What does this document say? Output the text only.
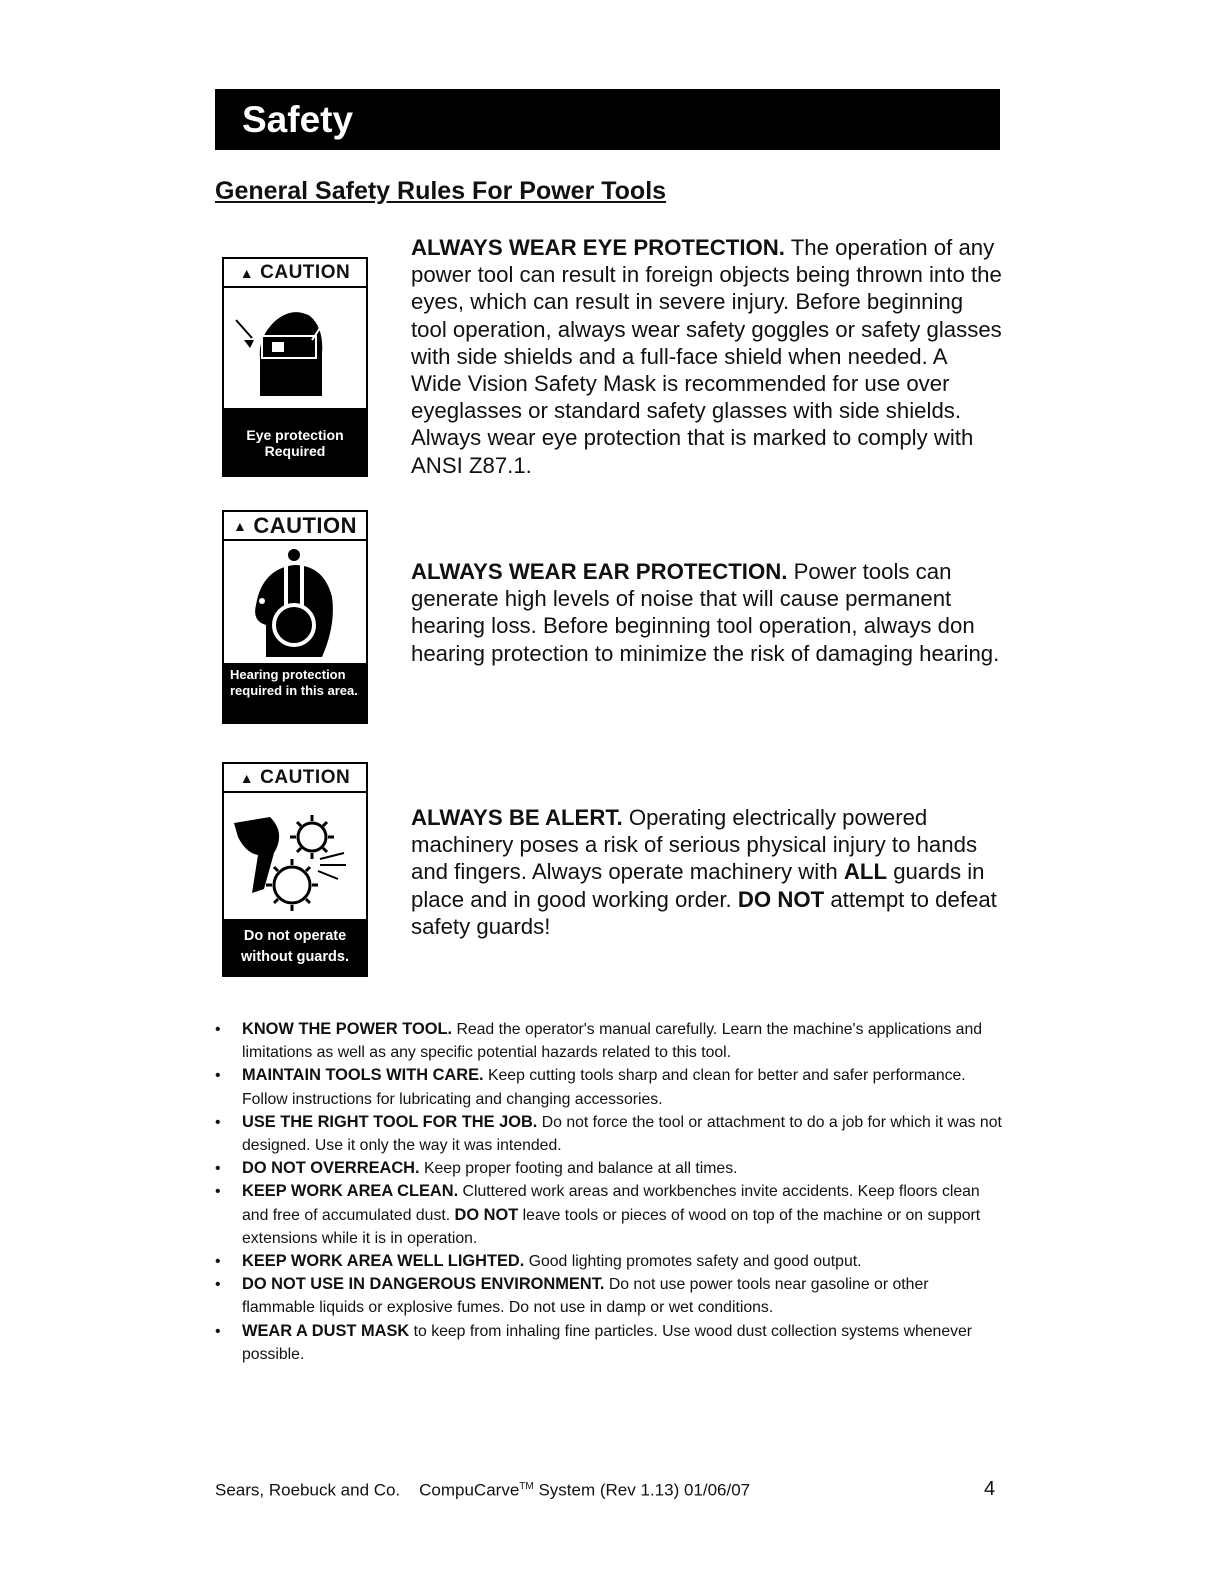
Safety
General Safety Rules For Power Tools
▲ CAUTION
Eye protection Required
▲ CAUTION
Hearing protection required in this area.
▲ CAUTION
Do not operate without guards.
ALWAYS WEAR EYE PROTECTION. The operation of any power tool can result in foreign objects being thrown into the eyes, which can result in severe injury. Before beginning tool operation, always wear safety goggles or safety glasses with side shields and a full-face shield when needed. A Wide Vision Safety Mask is recommended for use over eyeglasses or standard safety glasses with side shields. Always wear eye protection that is marked to comply with ANSI Z87.1.
ALWAYS WEAR EAR PROTECTION. Power tools can generate high levels of noise that will cause permanent hearing loss. Before beginning tool operation, always don hearing protection to minimize the risk of damaging hearing.
ALWAYS BE ALERT. Operating electrically powered machinery poses a risk of serious physical injury to hands and fingers. Always operate machinery with ALL guards in place and in good working order. DO NOT attempt to defeat safety guards!
• KNOW THE POWER TOOL. Read the operator's manual carefully. Learn the machine's applications and limitations as well as any specific potential hazards related to this tool.
• MAINTAIN TOOLS WITH CARE. Keep cutting tools sharp and clean for better and safer performance. Follow instructions for lubricating and changing accessories.
• USE THE RIGHT TOOL FOR THE JOB. Do not force the tool or attachment to do a job for which it was not designed. Use it only the way it was intended.
• DO NOT OVERREACH. Keep proper footing and balance at all times.
• KEEP WORK AREA CLEAN. Cluttered work areas and workbenches invite accidents. Keep floors clean and free of accumulated dust. DO NOT leave tools or pieces of wood on top of the machine or on support extensions while it is in operation.
• KEEP WORK AREA WELL LIGHTED. Good lighting promotes safety and good output.
• DO NOT USE IN DANGEROUS ENVIRONMENT. Do not use power tools near gasoline or other flammable liquids or explosive fumes. Do not use in damp or wet conditions.
• WEAR A DUST MASK to keep from inhaling fine particles. Use wood dust collection systems whenever possible.
Sears, Roebuck and Co. CompuCarve™ System (Rev 1.13) 01/06/07	4
